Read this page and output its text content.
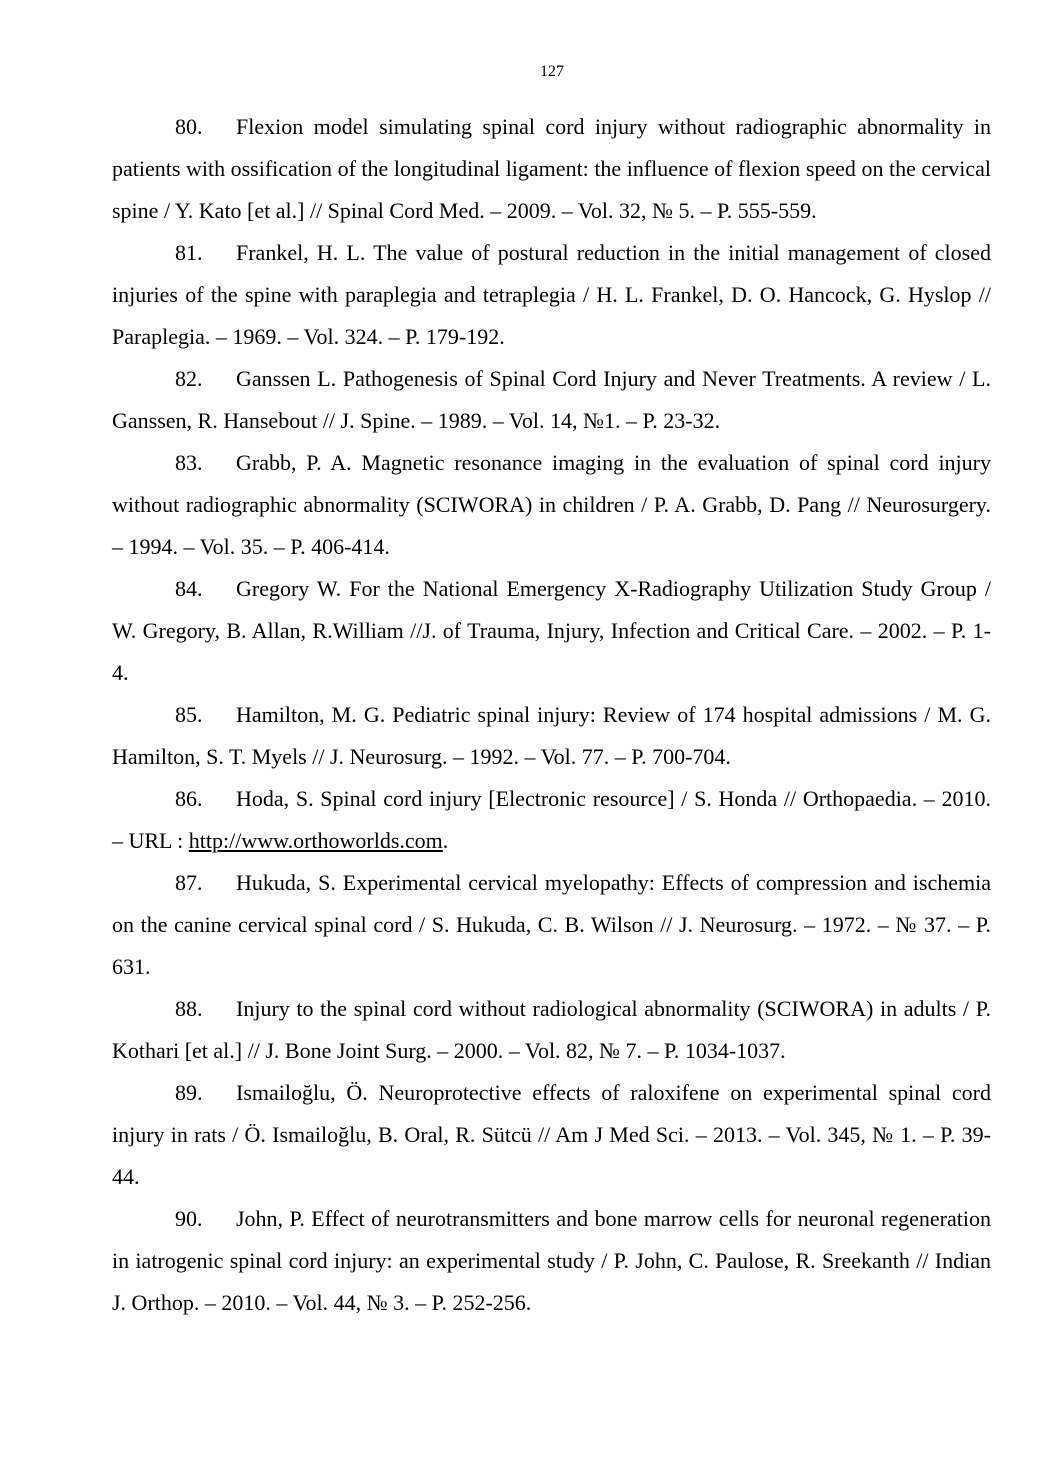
127

80. Flexion model simulating spinal cord injury without radiographic abnormality in patients with ossification of the longitudinal ligament: the influence of flexion speed on the cervical spine / Y. Kato [et al.] // Spinal Cord Med. – 2009. – Vol. 32, № 5. – P. 555-559.

81. Frankel, H. L. The value of postural reduction in the initial management of closed injuries of the spine with paraplegia and tetraplegia / H. L. Frankel, D. O. Hancock, G. Hyslop // Paraplegia. – 1969. – Vol. 324. – P. 179-192.

82. Ganssen L. Pathogenesis of Spinal Cord Injury and Never Treatments. A review / L. Ganssen, R. Hansebout // J. Spine. – 1989. – Vol. 14, №1. – P. 23-32.

83. Grabb, P. A. Magnetic resonance imaging in the evaluation of spinal cord injury without radiographic abnormality (SCIWORA) in children / P. A. Grabb, D. Pang // Neurosurgery. – 1994. – Vol. 35. – P. 406-414.

84. Gregory W. For the National Emergency X-Radiography Utilization Study Group / W. Gregory, B. Allan, R.William //J. of Trauma, Injury, Infection and Critical Care. – 2002. – P. 1-4.

85. Hamilton, M. G. Pediatric spinal injury: Review of 174 hospital admissions / M. G. Hamilton, S. T. Myels // J. Neurosurg. – 1992. – Vol. 77. – P. 700-704.

86. Hoda, S. Spinal cord injury [Electronic resource] / S. Honda // Orthopaedia. – 2010. – URL : http://www.orthoworlds.com.

87. Hukuda, S. Experimental cervical myelopathy: Effects of compression and ischemia on the canine cervical spinal cord / S. Hukuda, C. B. Wilson // J. Neurosurg. – 1972. – № 37. – P. 631.

88. Injury to the spinal cord without radiological abnormality (SCIWORA) in adults / P. Kothari [et al.] // J. Bone Joint Surg. – 2000. – Vol. 82, № 7. – P. 1034-1037.

89. Ismailoğlu, Ö. Neuroprotective effects of raloxifene on experimental spinal cord injury in rats / Ö. Ismailoğlu, B. Oral, R. Sütcü // Am J Med Sci. – 2013. – Vol. 345, № 1. – P. 39-44.

90. John, P. Effect of neurotransmitters and bone marrow cells for neuronal regeneration in iatrogenic spinal cord injury: an experimental study / P. John, C. Paulose, R. Sreekanth // Indian J. Orthop. – 2010. – Vol. 44, № 3. – P. 252-256.
